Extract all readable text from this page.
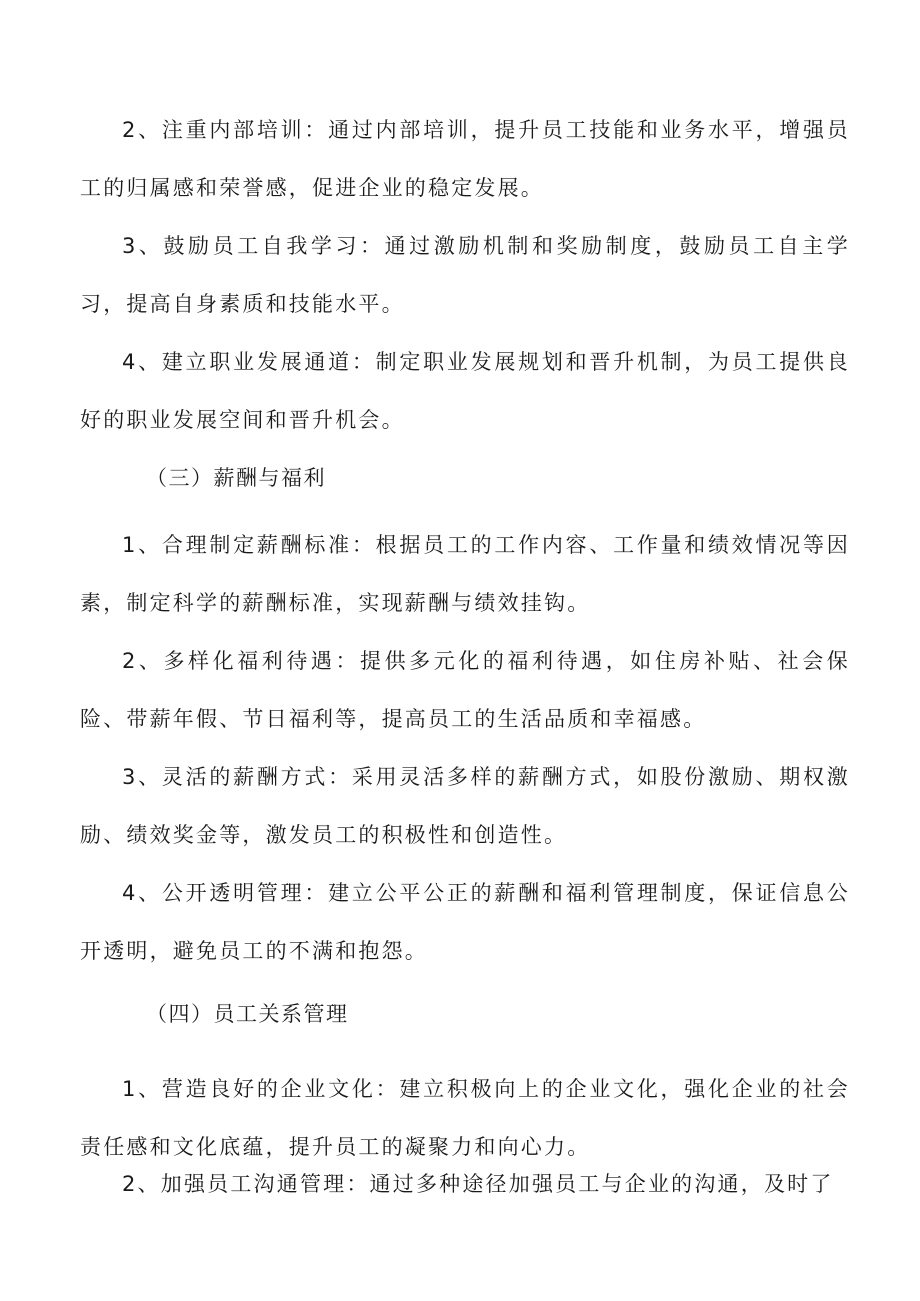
2、注重内部培训：通过内部培训，提升员工技能和业务水平，增强员工的归属感和荣誉感，促进企业的稳定发展。

3、鼓励员工自我学习：通过激励机制和奖励制度，鼓励员工自主学习，提高自身素质和技能水平。

4、建立职业发展通道：制定职业发展规划和晋升机制，为员工提供良好的职业发展空间和晋升机会。

（三）薪酬与福利

1、合理制定薪酬标准：根据员工的工作内容、工作量和绩效情况等因素，制定科学的薪酬标准，实现薪酬与绩效挂钩。

2、多样化福利待遇：提供多元化的福利待遇，如住房补贴、社会保险、带薪年假、节日福利等，提高员工的生活品质和幸福感。

3、灵活的薪酬方式：采用灵活多样的薪酬方式，如股份激励、期权激励、绩效奖金等，激发员工的积极性和创造性。

4、公开透明管理：建立公平公正的薪酬和福利管理制度，保证信息公开透明，避免员工的不满和抱怨。

（四）员工关系管理

1、营造良好的企业文化：建立积极向上的企业文化，强化企业的社会责任感和文化底蕴，提升员工的凝聚力和向心力。

2、加强员工沟通管理：通过多种途径加强员工与企业的沟通，及时了
